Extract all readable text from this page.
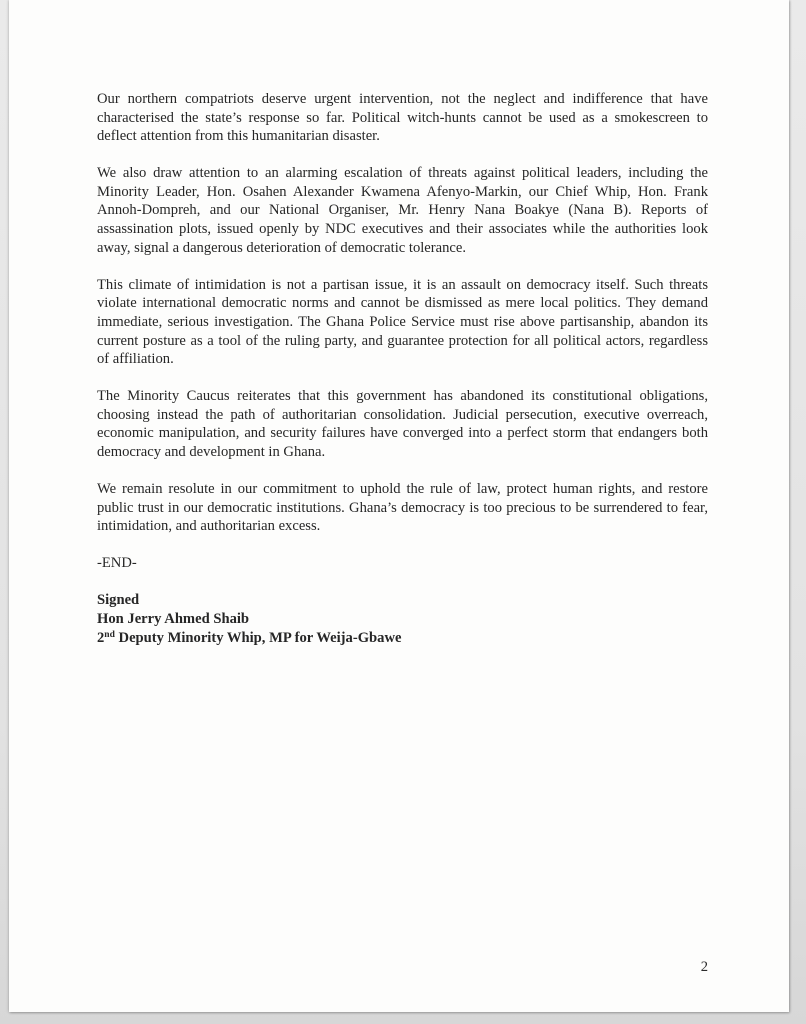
Our northern compatriots deserve urgent intervention, not the neglect and indifference that have characterised the state’s response so far. Political witch-hunts cannot be used as a smokescreen to deflect attention from this humanitarian disaster.

We also draw attention to an alarming escalation of threats against political leaders, including the Minority Leader, Hon. Osahen Alexander Kwamena Afenyo-Markin, our Chief Whip, Hon. Frank Annoh-Dompreh, and our National Organiser, Mr. Henry Nana Boakye (Nana B). Reports of assassination plots, issued openly by NDC executives and their associates while the authorities look away, signal a dangerous deterioration of democratic tolerance.

This climate of intimidation is not a partisan issue, it is an assault on democracy itself. Such threats violate international democratic norms and cannot be dismissed as mere local politics. They demand immediate, serious investigation. The Ghana Police Service must rise above partisanship, abandon its current posture as a tool of the ruling party, and guarantee protection for all political actors, regardless of affiliation.

The Minority Caucus reiterates that this government has abandoned its constitutional obligations, choosing instead the path of authoritarian consolidation. Judicial persecution, executive overreach, economic manipulation, and security failures have converged into a perfect storm that endangers both democracy and development in Ghana.

We remain resolute in our commitment to uphold the rule of law, protect human rights, and restore public trust in our democratic institutions. Ghana’s democracy is too precious to be surrendered to fear, intimidation, and authoritarian excess.

-END-

Signed
Hon Jerry Ahmed Shaib
2nd Deputy Minority Whip, MP for Weija-Gbawe
2
